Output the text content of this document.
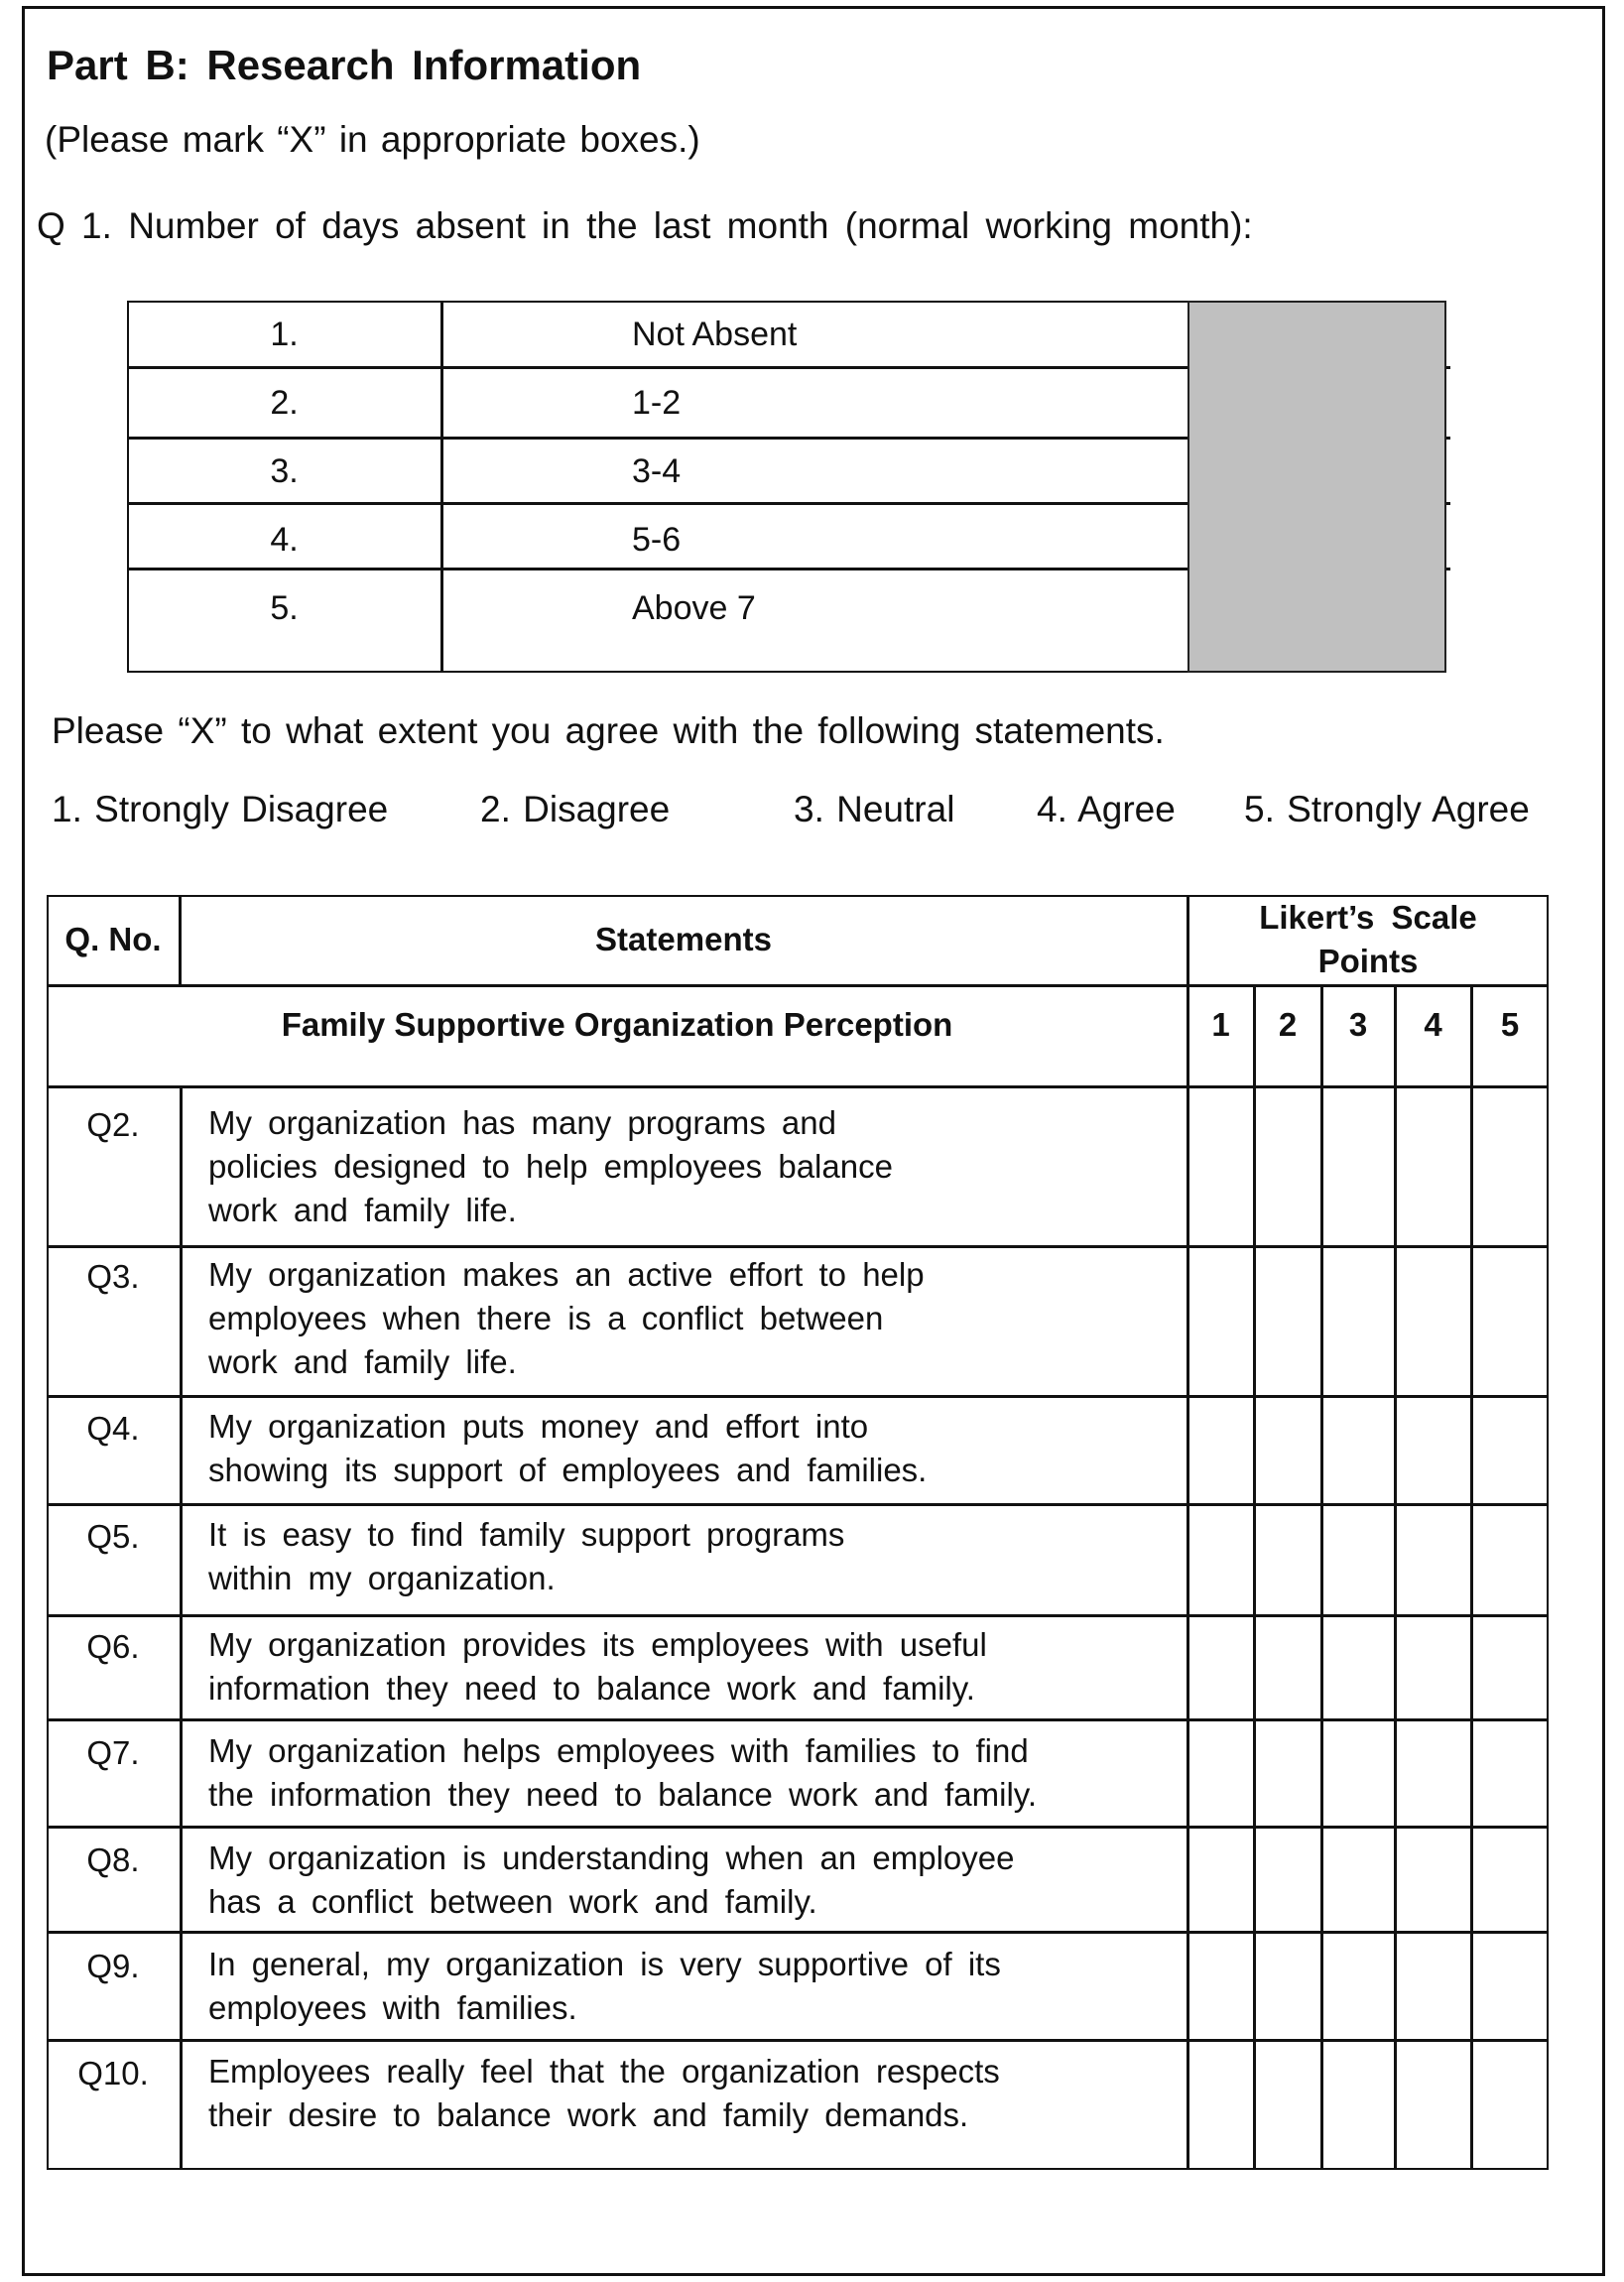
Part B: Research Information
(Please mark “X” in appropriate boxes.)
Q 1. Number of days absent in the last month (normal working month):
1.	Not Absent
2.	1-2
3.	3-4
4.	5-6
5.	Above 7
Please “X” to what extent you agree with the following statements.
1. Strongly Disagree	2. Disagree	3. Neutral 4. Agree 5. Strongly Agree
Q. No.	Statements
Likert’s Scale
Points
Family Supportive Organization Perception	1	2	3	4	5
Q2.	My organization has many programs and
policies designed to help employees balance
work and family life.
Q3.	My organization makes an active effort to help
employees when there is a conflict between
work and family life.
Q4.	My organization puts money and effort into
showing its support of employees and families.
Q5.	It is easy to find family support programs
within my organization.
Q6.	My organization provides its employees with useful
information they need to balance work and family.
Q7.	My organization helps employees with families to find
the information they need to balance work and family.
Q8.	My organization is understanding when an employee
has a conflict between work and family.
Q9.	In general, my organization is very supportive of its
employees with families.
Q10.	Employees really feel that the organization respects
their desire to balance work and family demands.
